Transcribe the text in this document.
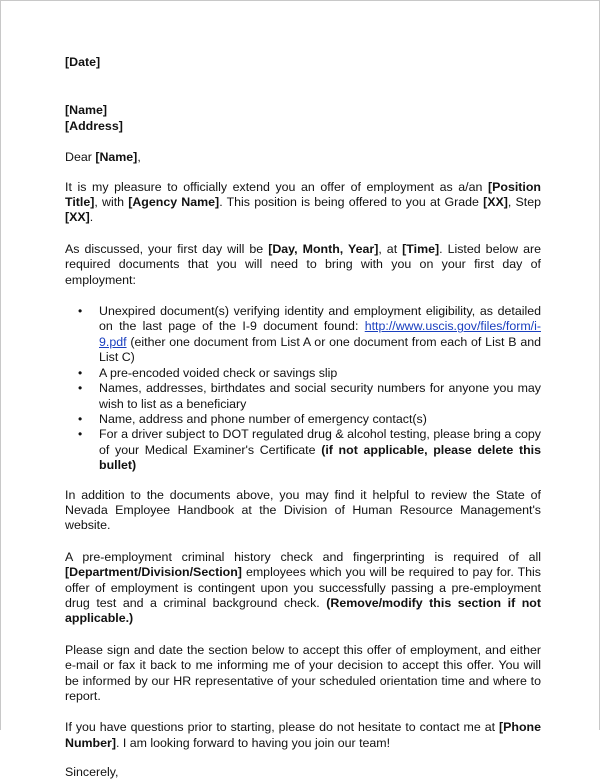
[Date]

[Name]

[Address]

Dear [Name],

It is my pleasure to officially extend you an offer of employment as a/an [Position Title], with [Agency Name]. This position is being offered to you at Grade [XX], Step [XX].

As discussed, your first day will be [Day, Month, Year], at [Time]. Listed below are required documents that you will need to bring with you on your first day of employment:

• Unexpired document(s) verifying identity and employment eligibility, as detailed on the last page of the I-9 document found: http://www.uscis.gov/files/form/i-9.pdf (either one document from List A or one document from each of List B and List C)
• A pre-encoded voided check or savings slip
• Names, addresses, birthdates and social security numbers for anyone you may wish to list as a beneficiary
• Name, address and phone number of emergency contact(s)
• For a driver subject to DOT regulated drug & alcohol testing, please bring a copy of your Medical Examiner's Certificate (if not applicable, please delete this bullet)

In addition to the documents above, you may find it helpful to review the State of Nevada Employee Handbook at the Division of Human Resource Management's website.

A pre-employment criminal history check and fingerprinting is required of all [Department/Division/Section] employees which you will be required to pay for. This offer of employment is contingent upon you successfully passing a pre-employment drug test and a criminal background check. (Remove/modify this section if not applicable.)

Please sign and date the section below to accept this offer of employment, and either e-mail or fax it back to me informing me of your decision to accept this offer. You will be informed by our HR representative of your scheduled orientation time and where to report.

If you have questions prior to starting, please do not hesitate to contact me at [Phone Number]. I am looking forward to having you join our team!

Sincerely,
